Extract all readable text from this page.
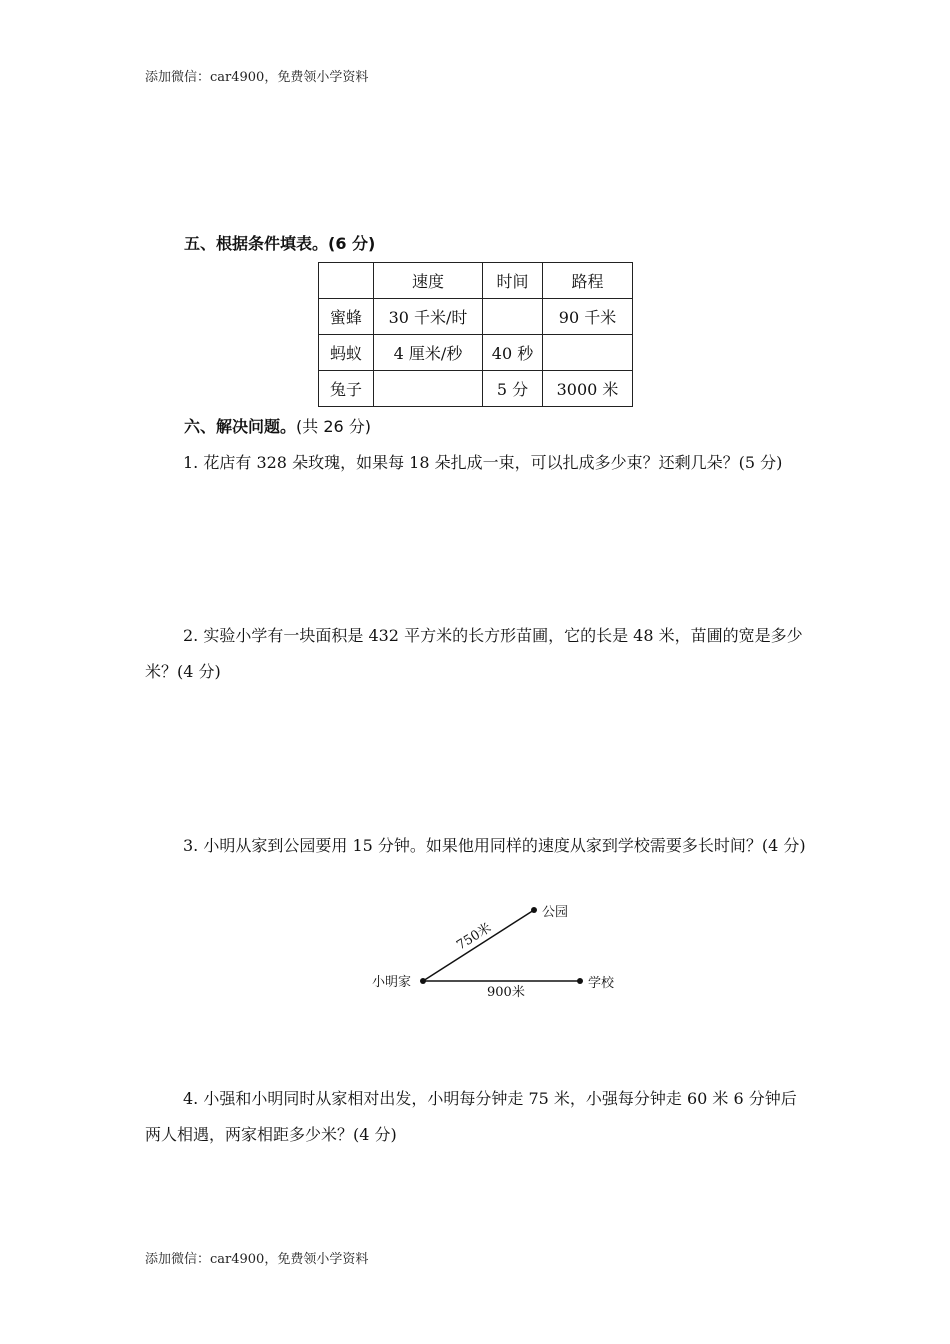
添加微信：car4900，免费领小学资料
五、根据条件填表。(6 分)
	速度	时间	路程
蜜蜂	30 千米/时		90 千米
蚂蚁	4 厘米/秒	40 秒	
兔子		5 分	3000 米
六、解决问题。(共 26 分)
1. 花店有 328 朵玫瑰，如果每 18 朵扎成一束，可以扎成多少束？还剩几朵？(5 分)
2. 实验小学有一块面积是 432 平方米的长方形苗圃，它的长是 48 米，苗圃的宽是多少米？(4 分)
3. 小明从家到公园要用 15 分钟。如果他用同样的速度从家到学校需要多长时间？(4 分)
小明家
公园
学校
750米
900米
4. 小强和小明同时从家相对出发，小明每分钟走 75 米，小强每分钟走 60 米 6 分钟后两人相遇，两家相距多少米？(4 分)
添加微信：car4900，免费领小学资料
